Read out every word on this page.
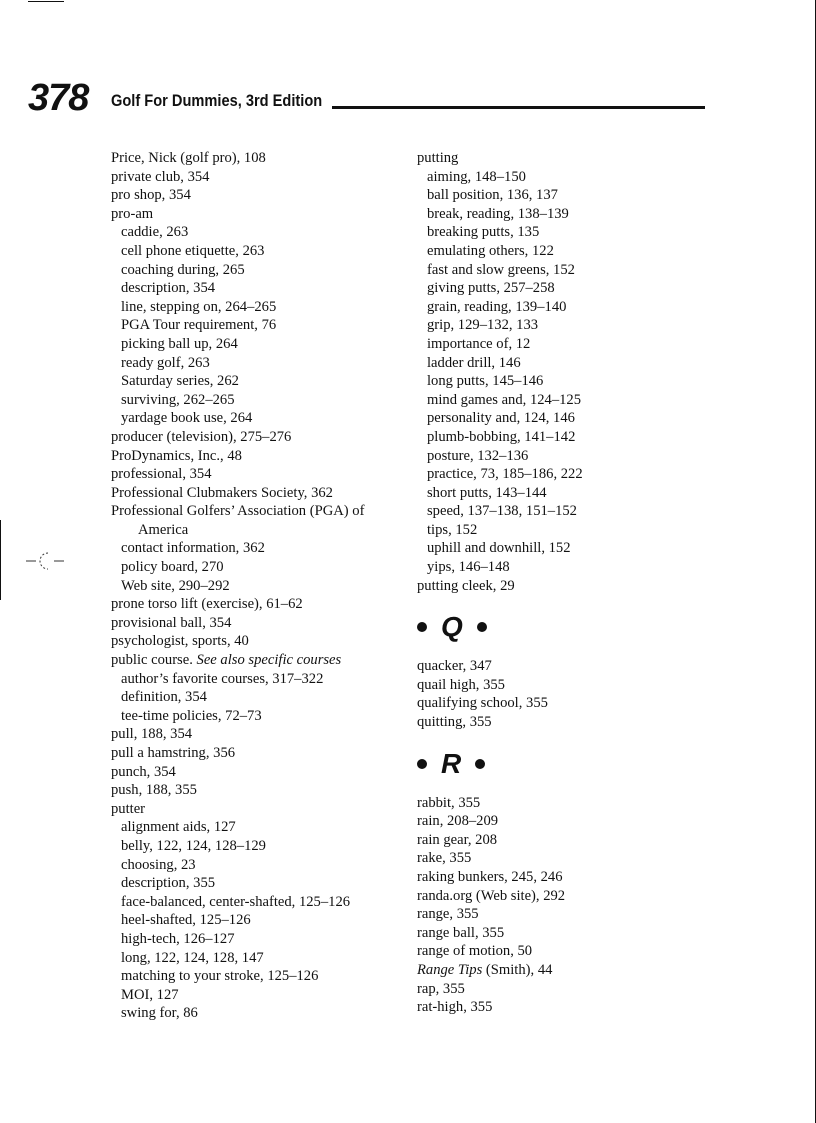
378 Golf For Dummies, 3rd Edition
Price, Nick (golf pro), 108
private club, 354
pro shop, 354
pro-am
caddie, 263
cell phone etiquette, 263
coaching during, 265
description, 354
line, stepping on, 264–265
PGA Tour requirement, 76
picking ball up, 264
ready golf, 263
Saturday series, 262
surviving, 262–265
yardage book use, 264
producer (television), 275–276
ProDynamics, Inc., 48
professional, 354
Professional Clubmakers Society, 362
Professional Golfers’ Association (PGA) of America
contact information, 362
policy board, 270
Web site, 290–292
prone torso lift (exercise), 61–62
provisional ball, 354
psychologist, sports, 40
public course. See also specific courses
author’s favorite courses, 317–322
definition, 354
tee-time policies, 72–73
pull, 188, 354
pull a hamstring, 356
punch, 354
push, 188, 355
putter
alignment aids, 127
belly, 122, 124, 128–129
choosing, 23
description, 355
face-balanced, center-shafted, 125–126
heel-shafted, 125–126
high-tech, 126–127
long, 122, 124, 128, 147
matching to your stroke, 125–126
MOI, 127
swing for, 86
putting
aiming, 148–150
ball position, 136, 137
break, reading, 138–139
breaking putts, 135
emulating others, 122
fast and slow greens, 152
giving putts, 257–258
grain, reading, 139–140
grip, 129–132, 133
importance of, 12
ladder drill, 146
long putts, 145–146
mind games and, 124–125
personality and, 124, 146
plumb-bobbing, 141–142
posture, 132–136
practice, 73, 185–186, 222
short putts, 143–144
speed, 137–138, 151–152
tips, 152
uphill and downhill, 152
yips, 146–148
putting cleek, 29
Q
quacker, 347
quail high, 355
qualifying school, 355
quitting, 355
R
rabbit, 355
rain, 208–209
rain gear, 208
rake, 355
raking bunkers, 245, 246
randa.org (Web site), 292
range, 355
range ball, 355
range of motion, 50
Range Tips (Smith), 44
rap, 355
rat-high, 355
